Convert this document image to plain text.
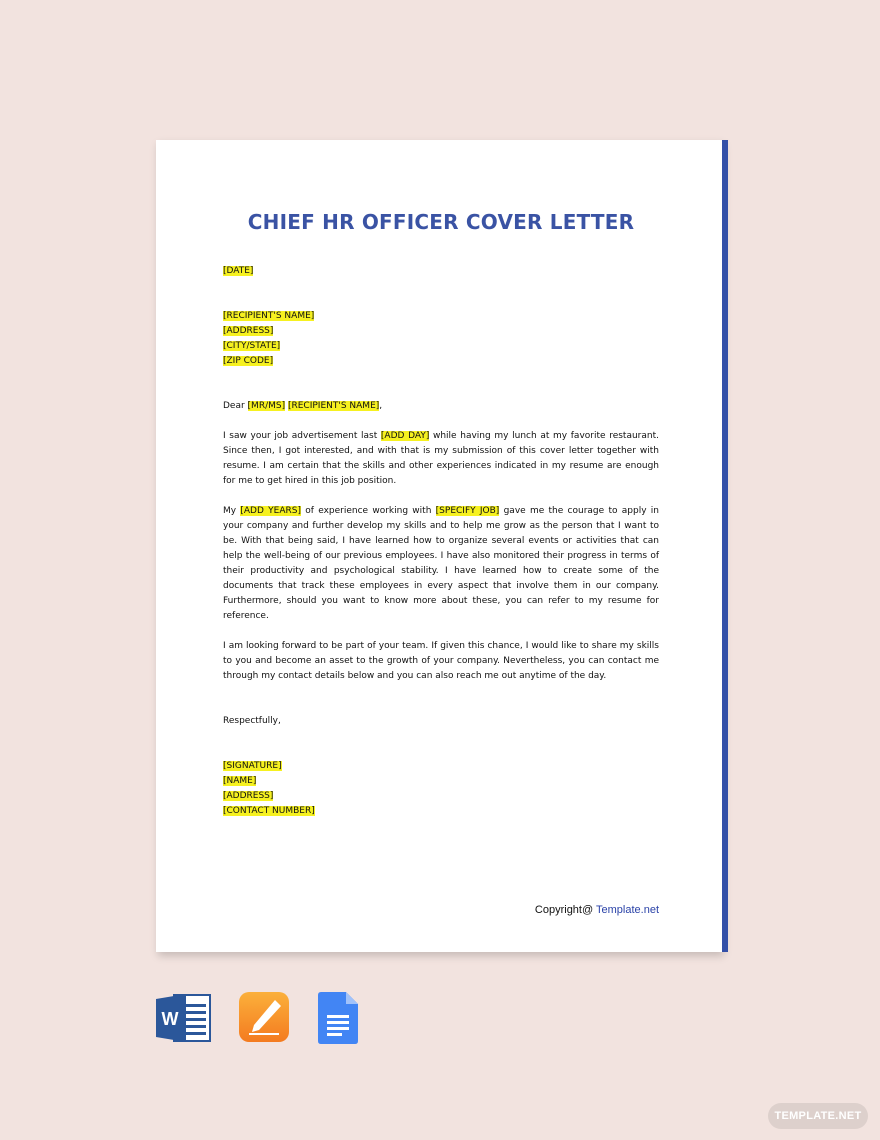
CHIEF HR OFFICER COVER LETTER
[DATE]
[RECIPIENT'S NAME]
[ADDRESS]
[CITY/STATE]
[ZIP CODE]
Dear [MR/MS] [RECIPIENT'S NAME],

I saw your job advertisement last [ADD DAY] while having my lunch at my favorite restaurant. Since then, I got interested, and with that is my submission of this cover letter together with resume. I am certain that the skills and other experiences indicated in my resume are enough for me to get hired in this job position.

My [ADD YEARS] of experience working with [SPECIFY JOB] gave me the courage to apply in your company and further develop my skills and to help me grow as the person that I want to be. With that being said, I have learned how to organize several events or activities that can help the well-being of our previous employees. I have also monitored their progress in terms of their productivity and psychological stability. I have learned how to create some of the documents that track these employees in every aspect that involve them in our company. Furthermore, should you want to know more about these, you can refer to my resume for reference.

I am looking forward to be part of your team. If given this chance, I would like to share my skills to you and become an asset to the growth of your company. Nevertheless, you can contact me through my contact details below and you can also reach me out anytime of the day.

Respectfully,
[SIGNATURE]
[NAME]
[ADDRESS]
[CONTACT NUMBER]
Copyright@ Template.net
W
TEMPLATE.NET
